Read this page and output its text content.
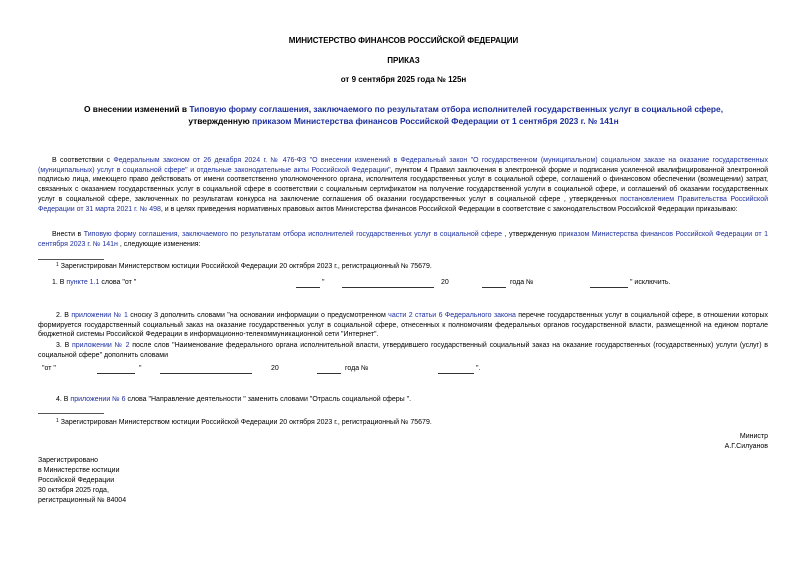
МИНИСТЕРСТВО ФИНАНСОВ РОССИЙСКОЙ ФЕДЕРАЦИИ
ПРИКАЗ
от 9 сентября 2025 года № 125н
О внесении изменений в Типовую форму соглашения, заключаемого по результатам отбора исполнителей государственных услуг в социальной сфере,
утвержденную приказом Министерства финансов Российской Федерации от 1 сентября 2023 г. № 141н
В соответствии с Федеральным законом от 26 декабря 2024 г. № 476-ФЗ "О внесении изменений в Федеральный закон "О государственном (муниципальном) социальном заказе на оказание государственных (муниципальных) услуг в социальной сфере" и отдельные законодательные акты Российской Федерации", пунктом 4 Правил заключения в электронной форме и подписания усиленной квалифицированной электронной подписью лица, имеющего право действовать от имени соответственно уполномоченного органа, исполнителя государственных услуг в социальной сфере, соглашений о финансовом обеспечении (возмещении) затрат, связанных с оказанием государственных услуг в социальной сфере в соответствии с социальным сертификатом на получение государственной услуги в социальной сфере, и соглашений об оказании государственных услуг в социальной сфере, заключенных по результатам конкурса на заключение соглашения об оказании государственных услуг в социальной сфере , утвержденных постановлением Правительства Российской Федерации от 31 марта 2021 г. № 498, и в целях приведения нормативных правовых актов Министерства финансов Российской Федерации в соответствие с законодательством Российской Федерации приказываю:
Внести в Типовую форму соглашения, заключаемого по результатам отбора исполнителей государственных услуг в социальной сфере , утвержденную приказом Министерства финансов Российской Федерации от 1 сентября 2023 г. № 141н , следующие изменения:
$^1$ Зарегистрирован Министерством юстиции Российской Федерации 20 октября 2023 г., регистрационный № 75679.
1. В пункте 1.1 слова "от "	"	20	года №	" исключить.
2. В приложении № 1 сноску 3 дополнить словами "на основании информации о предусмотренном части 2 статьи 6 Федерального закона перечне государственных услуг в социальной сфере, в отношении которых формируется государственный социальный заказ на оказание государственных услуг в социальной сфере, отнесенных к полномочиям федеральных органов государственной власти, размещенной на едином портале бюджетной системы Российской Федерации в информационно-телекоммуникационной сети "Интернет".
3. В приложении № 2 после слов "Наименование федерального органа исполнительной власти, утвердившего государственный социальный заказ на оказание государственных (государственных) услуги (услуг) в социальной сфере" дополнить словами
"от "	"	20	года №	".
4. В приложении № 6 слова "Направление деятельности " заменить словами "Отрасль социальной сферы ".
$^1$ Зарегистрирован Министерством юстиции Российской Федерации 20 октября 2023 г., регистрационный № 75679.
Министр
А.Г.Силуанов
Зарегистрировано
в Министерстве юстиции
Российской Федерации
30 октября 2025 года,
регистрационный № 84004
